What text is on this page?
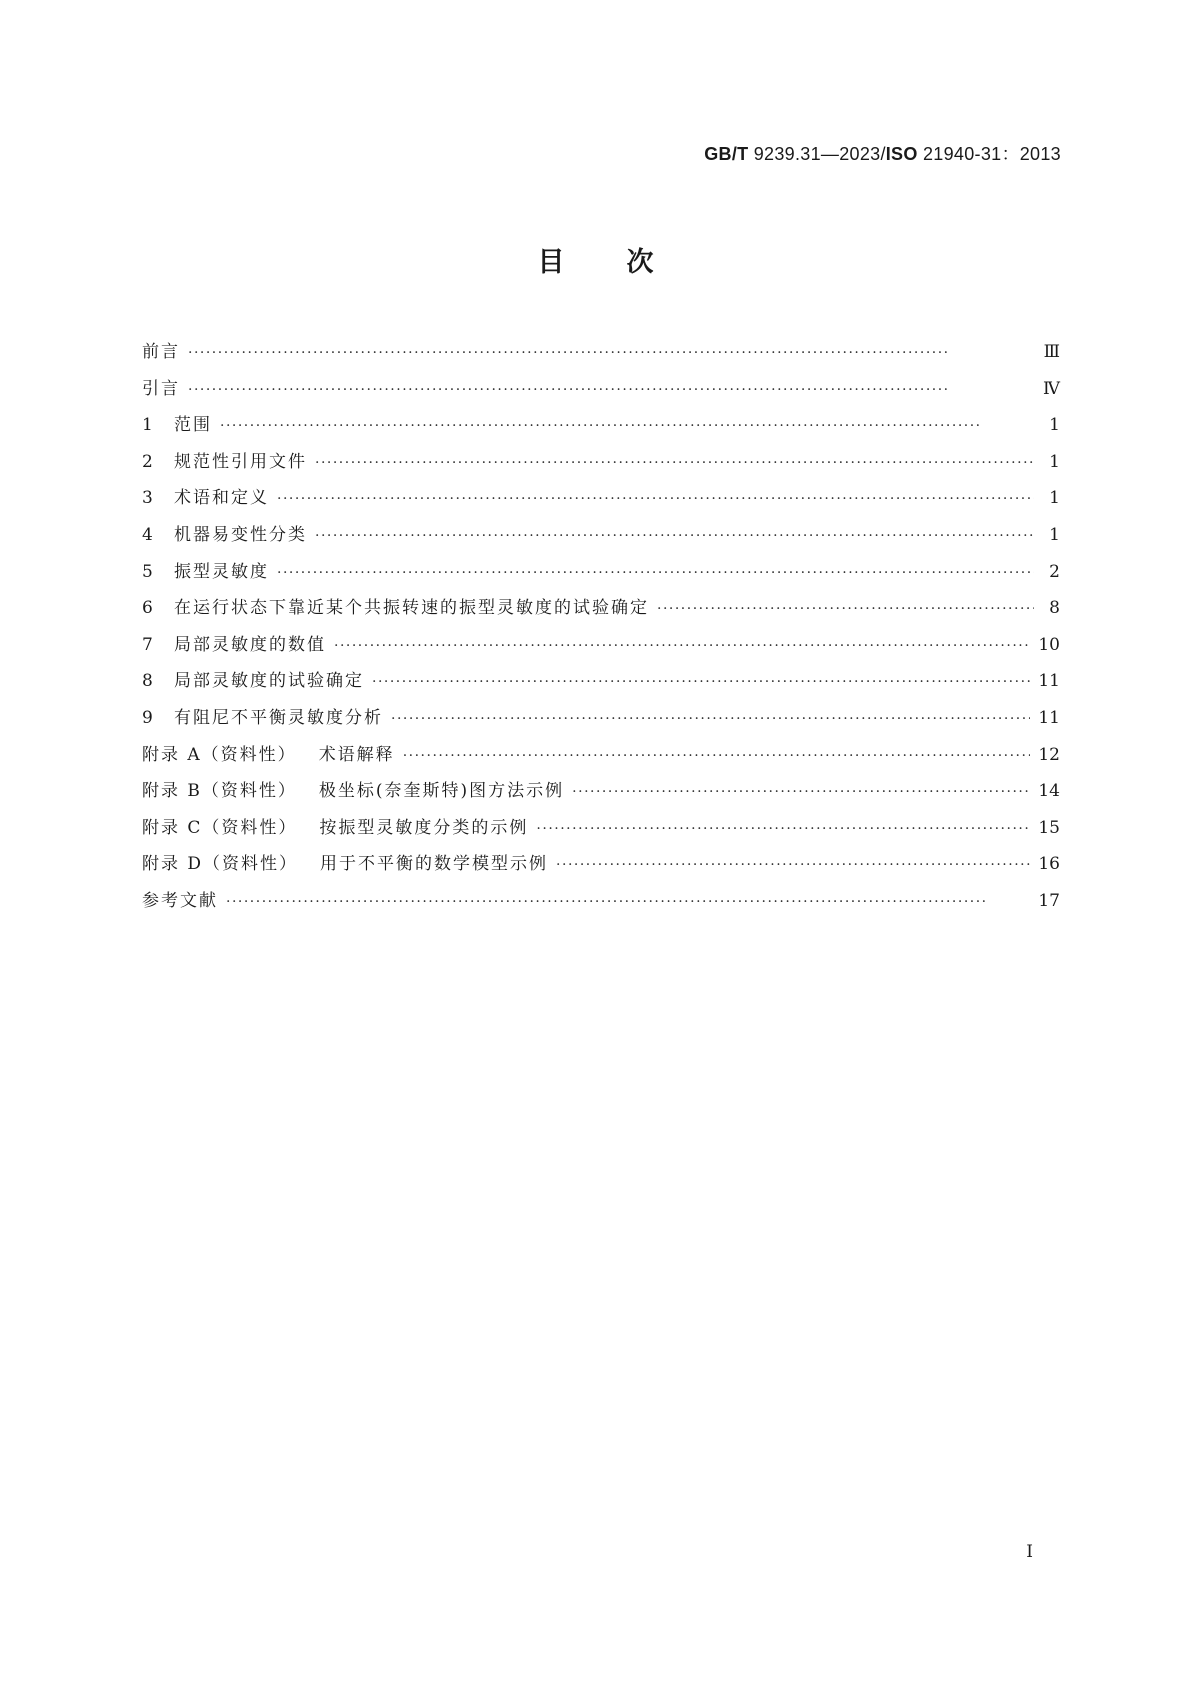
GB/T 9239.31—2023/ISO 21940-31：2013
目次
前言 ·····	Ⅲ
引言 ·····	Ⅳ
1	范围 ·····	1
2	规范性引用文件 ·····	1
3	术语和定义 ·····	1
4	机器易变性分类 ·····	1
5	振型灵敏度 ·····	2
6	在运行状态下靠近某个共振转速的振型灵敏度的试验确定 ·····	8
7	局部灵敏度的数值 ·····	10
8	局部灵敏度的试验确定 ·····	11
9	有阻尼不平衡灵敏度分析 ·····	11
附录 A（资料性） 术语解释 ·····	12
附录 B（资料性） 极坐标(奈奎斯特)图方法示例 ·····	14
附录 C（资料性） 按振型灵敏度分类的示例 ·····	15
附录 D（资料性） 用于不平衡的数学模型示例 ·····	16
参考文献 ·····	17
Ⅰ
